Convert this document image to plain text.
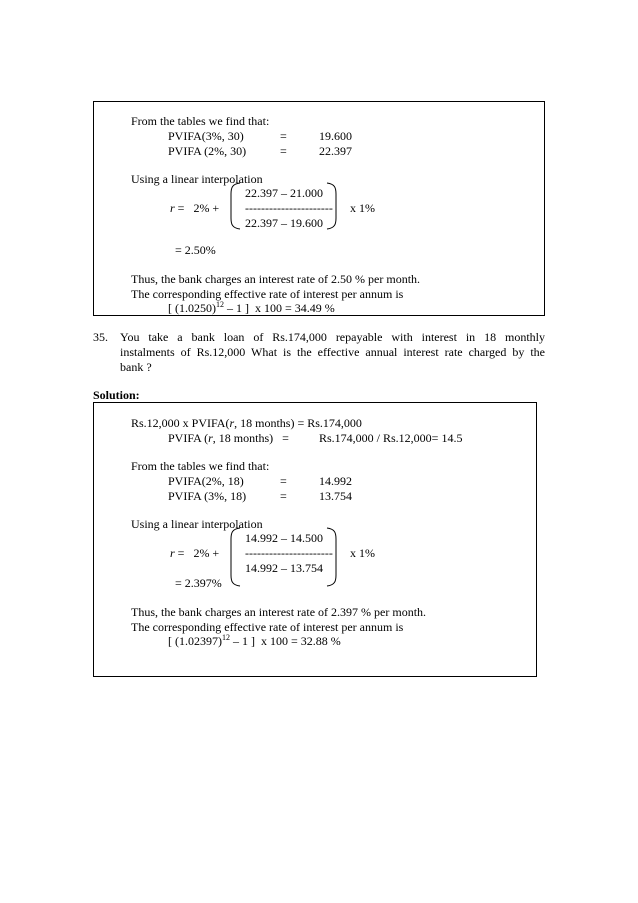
From the tables we find that:
PVIFA(3%, 30)	=	19.600
PVIFA (2%, 30)	=	22.397
Using a linear interpolation
22.397 – 21.000
----------------------
22.397 – 19.600
r =   2% +	x 1%
= 2.50%
Thus, the bank charges an interest rate of 2.50 % per month.
The corresponding effective rate of interest per annum is
[ $(1.0250)^{12} - 1$ ]  x 100 = 34.49 %
35. You take a bank loan of Rs.174,000 repayable with interest in 18 monthly
instalments of Rs.12,000 What is the effective annual interest rate charged by the
bank ?
Solution:
Rs.12,000 x PVIFA(r, 18 months) = Rs.174,000
PVIFA (r, 18 months)   =	Rs.174,000 / Rs.12,000= 14.5
From the tables we find that:
PVIFA(2%, 18)	=	14.992
PVIFA (3%, 18)	=	13.754
Using a linear interpolation
14.992 – 14.500
----------------------
14.992 – 13.754
r =   2% +	x 1%
= 2.397%
Thus, the bank charges an interest rate of 2.397 % per month.
The corresponding effective rate of interest per annum is
[ $(1.02397)^{12} - 1$ ]  x 100 = 32.88 %
